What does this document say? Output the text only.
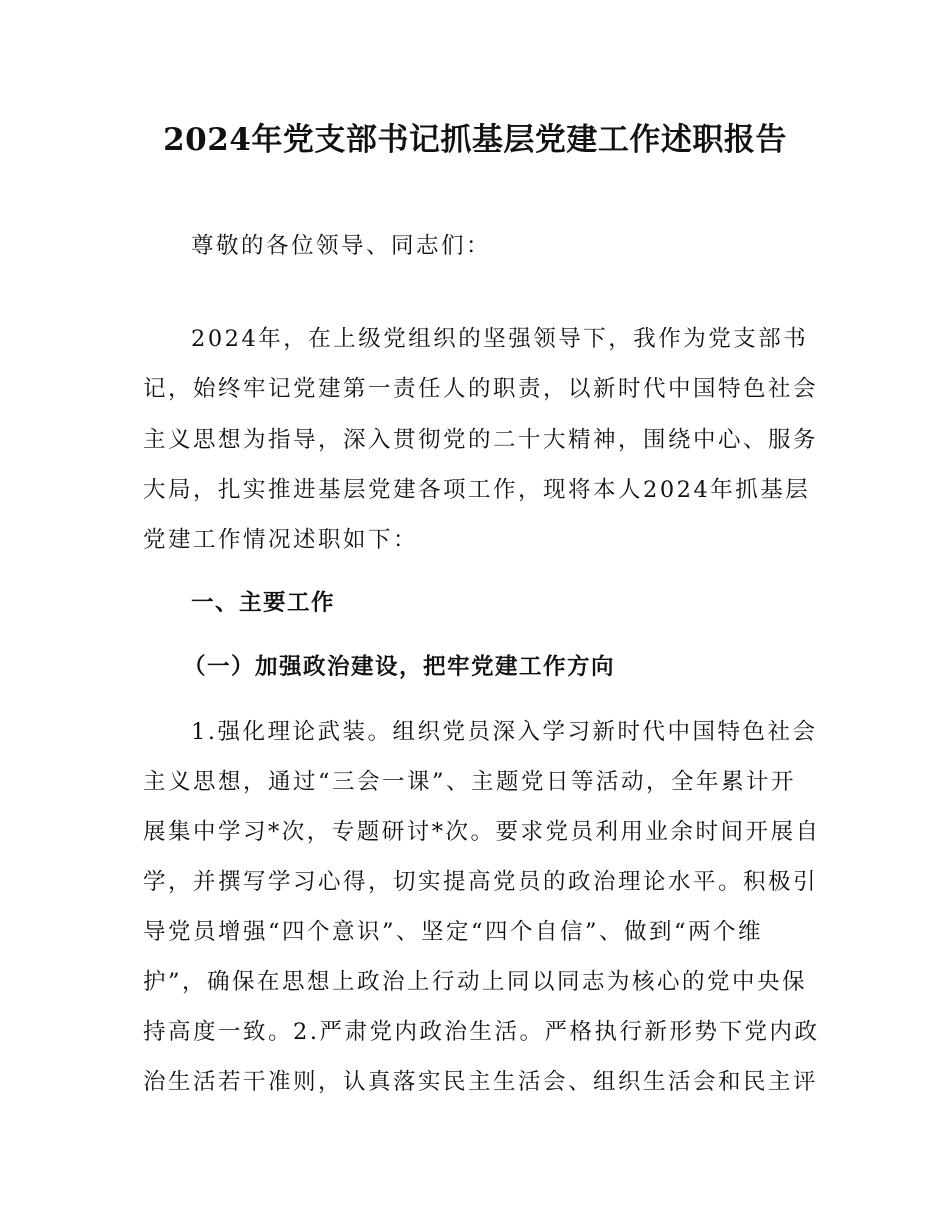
2024年党支部书记抓基层党建工作述职报告
尊敬的各位领导、同志们：
2024年，在上级党组织的坚强领导下，我作为党支部书
记，始终牢记党建第一责任人的职责，以新时代中国特色社会
主义思想为指导，深入贯彻党的二十大精神，围绕中心、服务
大局，扎实推进基层党建各项工作，现将本人2024年抓基层
党建工作情况述职如下：
一、主要工作
（一）加强政治建设，把牢党建工作方向
1.强化理论武装。组织党员深入学习新时代中国特色社会
主义思想，通过“三会一课”、主题党日等活动，全年累计开
展集中学习*次，专题研讨*次。要求党员利用业余时间开展自
学，并撰写学习心得，切实提高党员的政治理论水平。积极引
导党员增强“四个意识”、坚定“四个自信”、做到“两个维
护”，确保在思想上政治上行动上同以同志为核心的党中央保
持高度一致。2.严肃党内政治生活。严格执行新形势下党内政
治生活若干准则，认真落实民主生活会、组织生活会和民主评
